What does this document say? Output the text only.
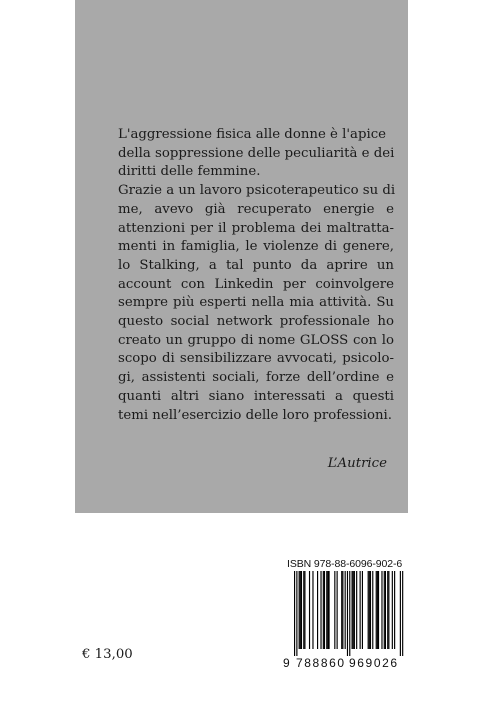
L'aggressione fisica alle donne è l'apice
della soppressione delle peculiarità e dei
diritti delle femmine.
Grazie a un lavoro psicoterapeutico su di
me, avevo già recuperato energie e
attenzioni per il problema dei maltratta-
menti in famiglia, le violenze di genere,
lo Stalking, a tal punto da aprire un
account con Linkedin per coinvolgere
sempre più esperti nella mia attività. Su
questo social network professionale ho
creato un gruppo di nome GLOSS con lo
scopo di sensibilizzare avvocati, psicolo-
gi, assistenti sociali, forze dell’ordine e
quanti altri siano interessati a questi
temi nell’esercizio delle loro professioni.
L’Autrice
ISBN 978-88-6096-902-6
9 788860 969026
€ 13,00
